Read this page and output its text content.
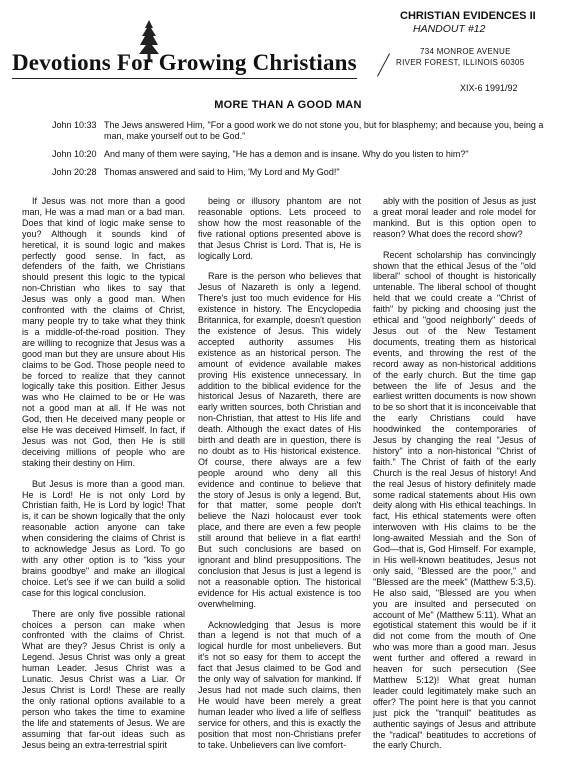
Devotions For Growing Christians
CHRISTIAN EVIDENCES II
HANDOUT #12
734 MONROE AVENUE
RIVER FOREST, ILLINOIS 60305
XIX-6 1991/92
MORE THAN A GOOD MAN
John 10:33 The Jews answered Him, "For a good work we do not stone you, but for blasphemy; and because you, being a man, make yourself out to be God."
John 10:20 And many of them were saying, "He has a demon and is insane. Why do you listen to him?"
John 20:28 Thomas answered and said to Him, 'My Lord and My God!"

If Jesus was not more than a good man, He was a mad man or a bad man. Does that kind of logic make sense to you? Although it sounds kind of heretical, it is sound logic and makes perfectly good sense. In fact, as defenders of the faith, we Christians should present this logic to the typical non-Christian who likes to say that Jesus was only a good man. When confronted with the claims of Christ, many people try to take what they think is a middle-of-the-road position. They are willing to recognize that Jesus was a good man but they are unsure about His claims to be God. Those people need to be forced to realize that they cannot logically take this position. Either Jesus was who He claimed to be or He was not a good man at all. If He was not God, then He deceived many people or else He was deceived Himself. In fact, if Jesus was not God, then He is still deceiving millions of people who are staking their destiny on Him.

But Jesus is more than a good man. He is Lord! He is not only Lord by Christian faith, He is Lord by logic! That is, it can be shown logically that the only reasonable action anyone can take when considering the claims of Christ is to acknowledge Jesus as Lord. To go with any other option is to "kiss your brains goodbye" and make an illogical choice. Let's see if we can build a solid case for this logical conclusion.

There are only five possible rational choices a person can make when confronted with the claims of Christ. What are they? Jesus Christ is only a Legend. Jesus Christ was only a great human Leader. Jesus Christ was a Lunatic. Jesus Christ was a Liar. Or Jesus Christ is Lord! These are really the only rational options available to a person who takes the time to examine the life and statements of Jesus. We are assuming that far-out ideas such as Jesus being an extra-terrestrial spirit

being or illusory phantom are not reasonable options. Lets proceed to show how the most reasonable of the five rational options presented above is that Jesus Christ is Lord. That is, He is logically Lord.

Rare is the person who believes that Jesus of Nazareth is only a legend. There's just too much evidence for His existence in history. The Encyclopedia Britannica, for example, doesn't question the existence of Jesus. This widely accepted authority assumes His existence as an historical person. The amount of evidence available makes proving His existence unnecessary. In addition to the biblical evidence for the historical Jesus of Nazareth, there are early written sources, both Christian and non-Christian, that attest to His life and death. Although the exact dates of His birth and death are in question, there is no doubt as to His historical existence. Of course, there always are a few people around who deny all this evidence and continue to believe that the story of Jesus is only a legend. But, for that matter, some people don't believe the Nazi holocaust ever took place, and there are even a few people still around that believe in a flat earth! But such conclusions are based on ignorant and blind presuppositions. The conclusion that Jesus is just a legend is not a reasonable option. The historical evidence for His actual existence is too overwhelming.

Acknowledging that Jesus is more than a legend is not that much of a logical hurdle for most unbelievers. But it's not so easy for them to accept the fact that Jesus claimed to be God and the only way of salvation for mankind. If Jesus had not made such claims, then He would have been merely a great human leader who lived a life of selfless service for others, and this is exactly the position that most non-Christians prefer to take. Unbelievers can live comfort-

ably with the position of Jesus as just a great moral leader and role model for mankind. But is this option open to reason? What does the record show?

Recent scholarship has convincingly shown that the ethical Jesus of the "old liberal" school of thought is historically untenable. The liberal school of thought held that we could create a "Christ of faith" by picking and choosing just the ethical and "good neighborly" deeds of Jesus out of the New Testament documents, treating them as historical events, and throwing the rest of the record away as non-historical additions of the early church. But the time gap between the life of Jesus and the earliest written documents is now shown to be so short that it is inconceivable that the early Christians could have hoodwinked the contemporaries of Jesus by changing the real "Jesus of history" into a non-historical "Christ of faith." The Christ of faith of the early Church is the real Jesus of history! And the real Jesus of history definitely made some radical statements about His own deity along with His ethical teachings. In fact, His ethical statements were often interwoven with His claims to be the long-awaited Messiah and the Son of God—that is, God Himself. For example, in His well-known beatitudes, Jesus not only said, "Blessed are the poor," and "Blessed are the meek" (Matthew 5:3,5). He also said, "Blessed are you when you are insulted and persecuted on account of Me" (Matthew 5:11). What an egotistical statement this would be if it did not come from the mouth of One who was more than a good man. Jesus went further and offered a reward in heaven for such persecution (See Matthew 5:12)! What great human leader could legitimately make such an offer? The point here is that you cannot just pick the "tranquil" beatitudes as authentic sayings of Jesus and attribute the "radical" beatitudes to accretions of the early Church.
